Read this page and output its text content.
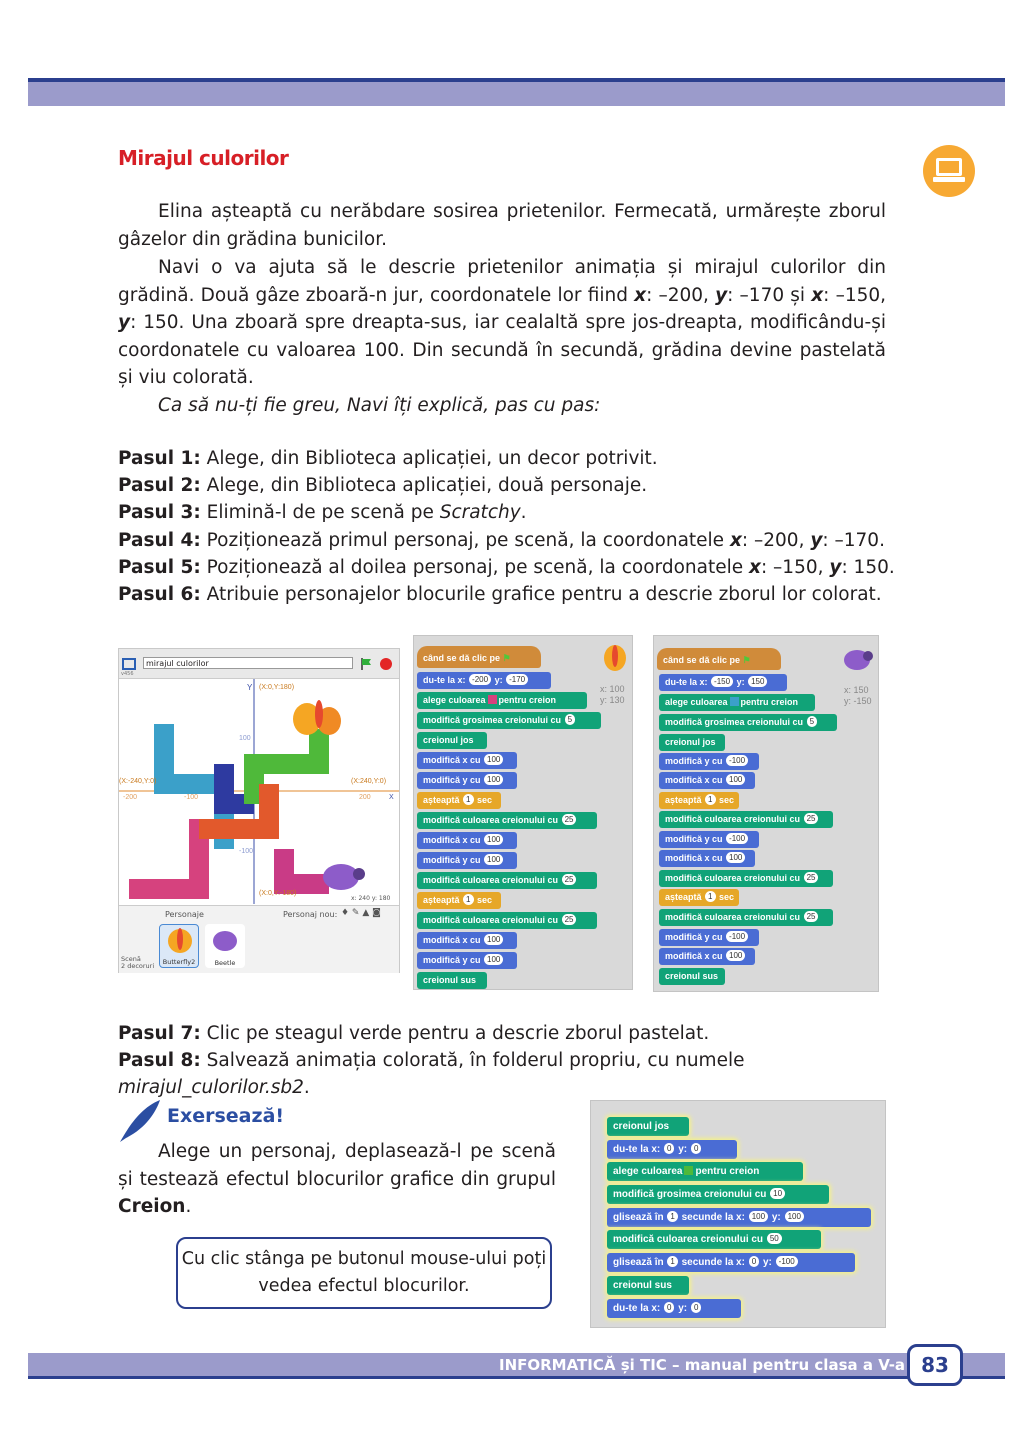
Mirajul culorilor
Elina așteaptă cu nerăbdare sosirea prietenilor. Fermecată, urmărește zborul gâzelor din grădina bunicilor.
Navi o va ajuta să le descrie prietenilor animația și mirajul culorilor din grădină. Două gâze zboară-n jur, coordonatele lor fiind x: –200, y: –170 și x: –150, y: 150. Una zboară spre dreapta-sus, iar cealaltă spre jos-dreapta, modificându-și coordonatele cu valoarea 100. Din secundă în secundă, grădina devine pastelată și viu colorată.
Ca să nu-ți fie greu, Navi îți explică, pas cu pas:
Pasul 1: Alege, din Biblioteca aplicației, un decor potrivit.
Pasul 2: Alege, din Biblioteca aplicației, două personaje.
Pasul 3: Elimină-l de pe scenă pe Scratchy.
Pasul 4: Poziționează primul personaj, pe scenă, la coordonatele x: –200, y: –170.
Pasul 5: Poziționează al doilea personaj, pe scenă, la coordonatele x: –150, y: 150.
Pasul 6: Atribuie personajelor blocurile grafice pentru a descrie zborul lor colorat.
v456
mirajul culorilor
(X:0,Y:180)
Y
(X:-240,Y:0)	(X:240,Y:0)
(X:0,Y:-180)
X
100
-100
-100	200
-200
x: 240 y: 180
Personaje	Personaj nou: ♦ ✎ ▲ ◙
Scenă
2 decoruri	Butterfly2	Beetle
când se dă clic pe ⚑
x: 100
y: 130
du-te la x: -200 y: -170
alege culoarea pentru creion
modifică grosimea creionului cu 5
creionul jos
modifică x cu 100
modifică y cu 100
așteaptă 1 sec
modifică culoarea creionului cu 25
modifică x cu 100
modifică y cu 100
modifică culoarea creionului cu 25
așteaptă 1 sec
modifică culoarea creionului cu 25
modifică x cu 100
modifică y cu 100
creionul sus
când se dă clic pe ⚑
x: 150
y: -150
du-te la x: -150 y: 150
alege culoarea pentru creion
modifică grosimea creionului cu 5
creionul jos
modifică y cu -100
modifică x cu 100
așteaptă 1 sec
modifică culoarea creionului cu 25
modifică y cu -100
modifică x cu 100
modifică culoarea creionului cu 25
așteaptă 1 sec
modifică culoarea creionului cu 25
modifică y cu -100
modifică x cu 100
creionul sus
Pasul 7: Clic pe steagul verde pentru a descrie zborul pastelat.
Pasul 8: Salvează animația colorată, în folderul propriu, cu numele mirajul_culorilor.sb2.
Exersează!
Alege un personaj, deplasează-l pe scenă și testează efectul blocurilor grafice din grupul Creion.
Cu clic stânga pe butonul mouse-ului poți vedea efectul blocurilor.
creionul jos
du-te la x: 0 y: 0
alege culoarea pentru creion
modifică grosimea creionului cu 10
glisează în 1 secunde la x: 100 y: 100
modifică culoarea creionului cu 50
glisează în 1 secunde la x: 0 y: -100
creionul sus
du-te la x: 0 y: 0
INFORMATICĂ și TIC – manual pentru clasa a V-a 83
